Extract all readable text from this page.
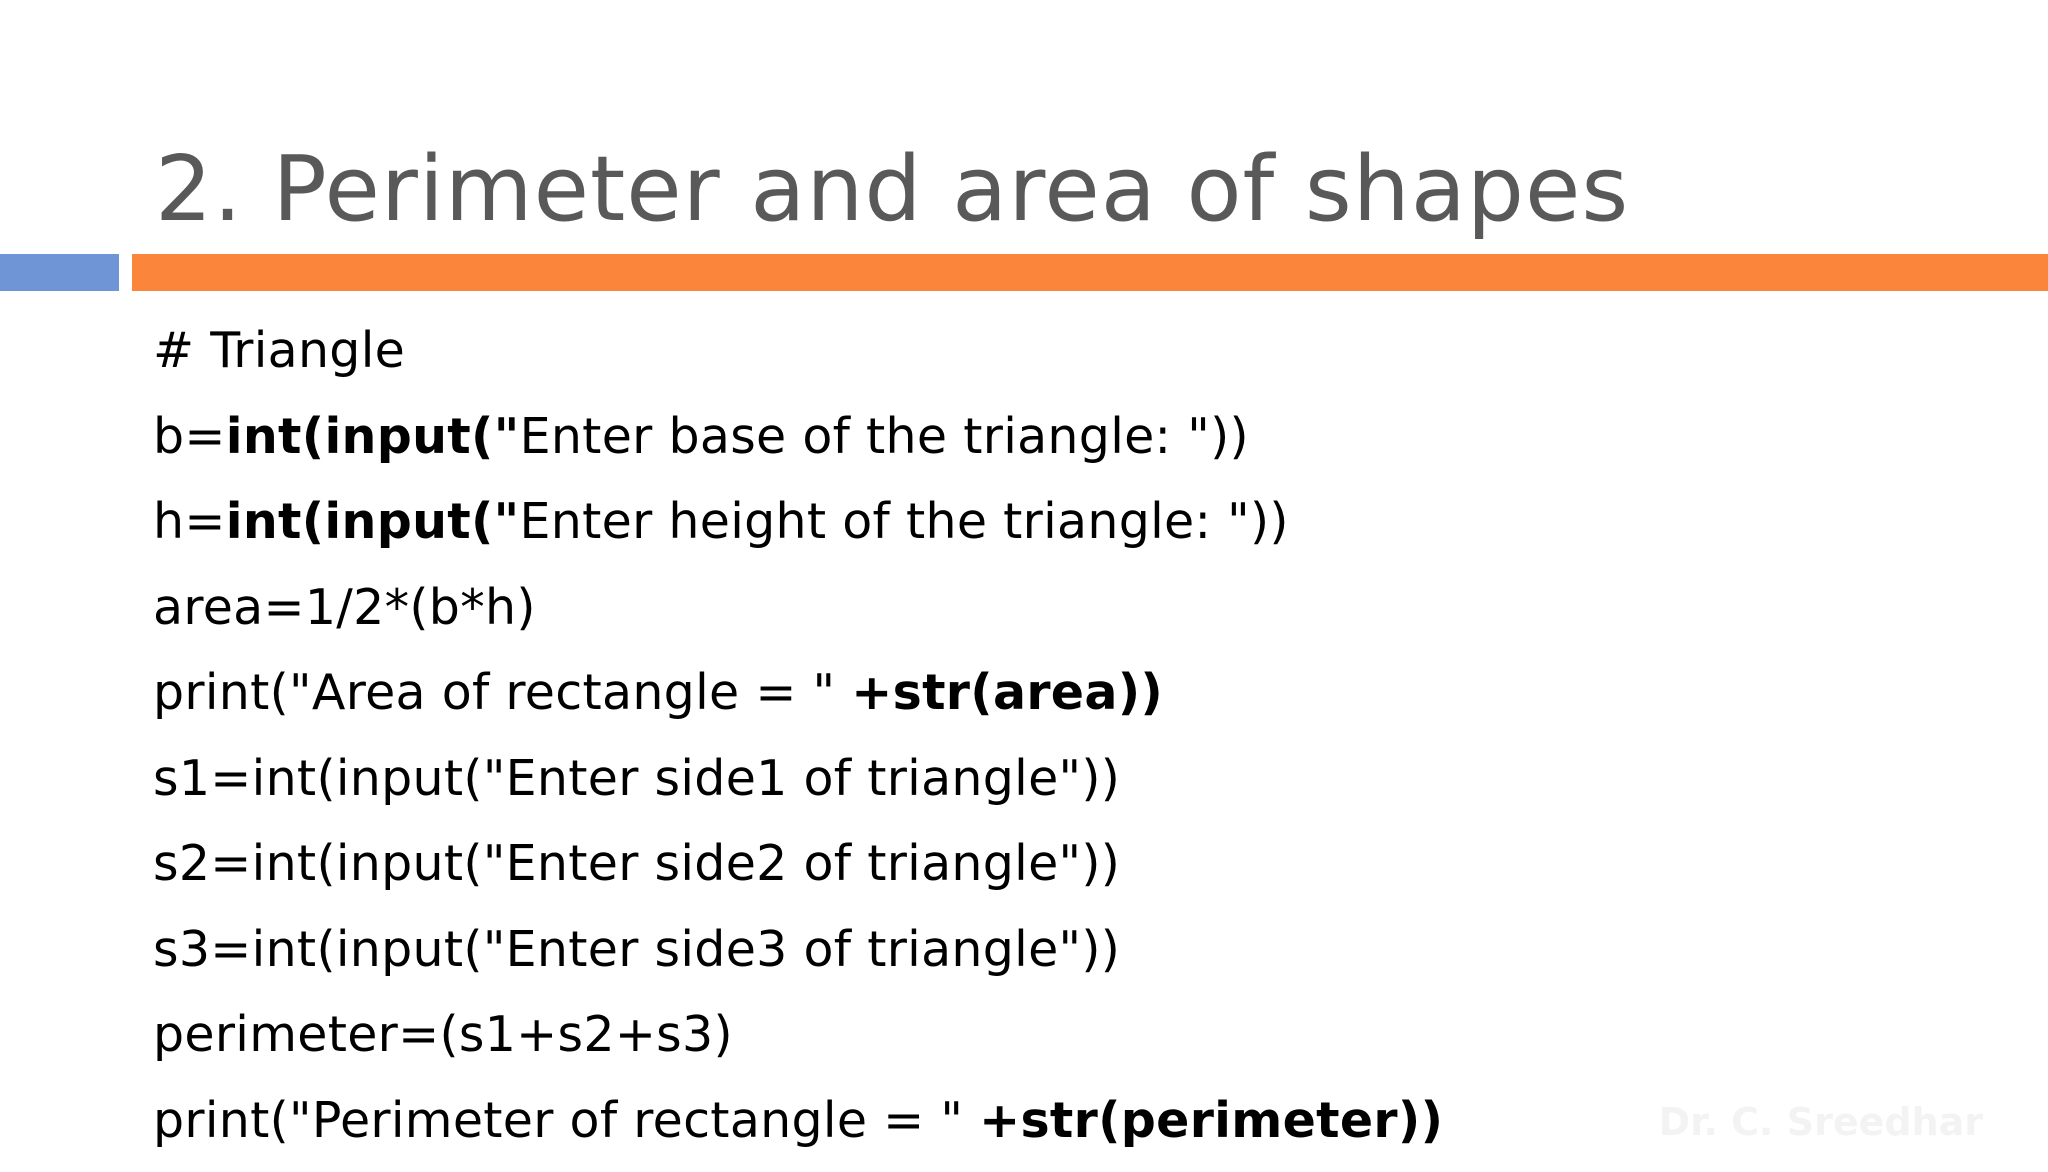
2. Perimeter and area of shapes
# Triangle
b=int(input("Enter base of the triangle: "))
h=int(input("Enter height of the triangle: "))
area=1/2*(b*h)
print("Area of rectangle = " +str(area))
s1=int(input("Enter side1 of triangle"))
s2=int(input("Enter side2 of triangle"))
s3=int(input("Enter side3 of triangle"))
perimeter=(s1+s2+s3)
print("Perimeter of rectangle = " +str(perimeter))	Dr. C. Sreedhar
